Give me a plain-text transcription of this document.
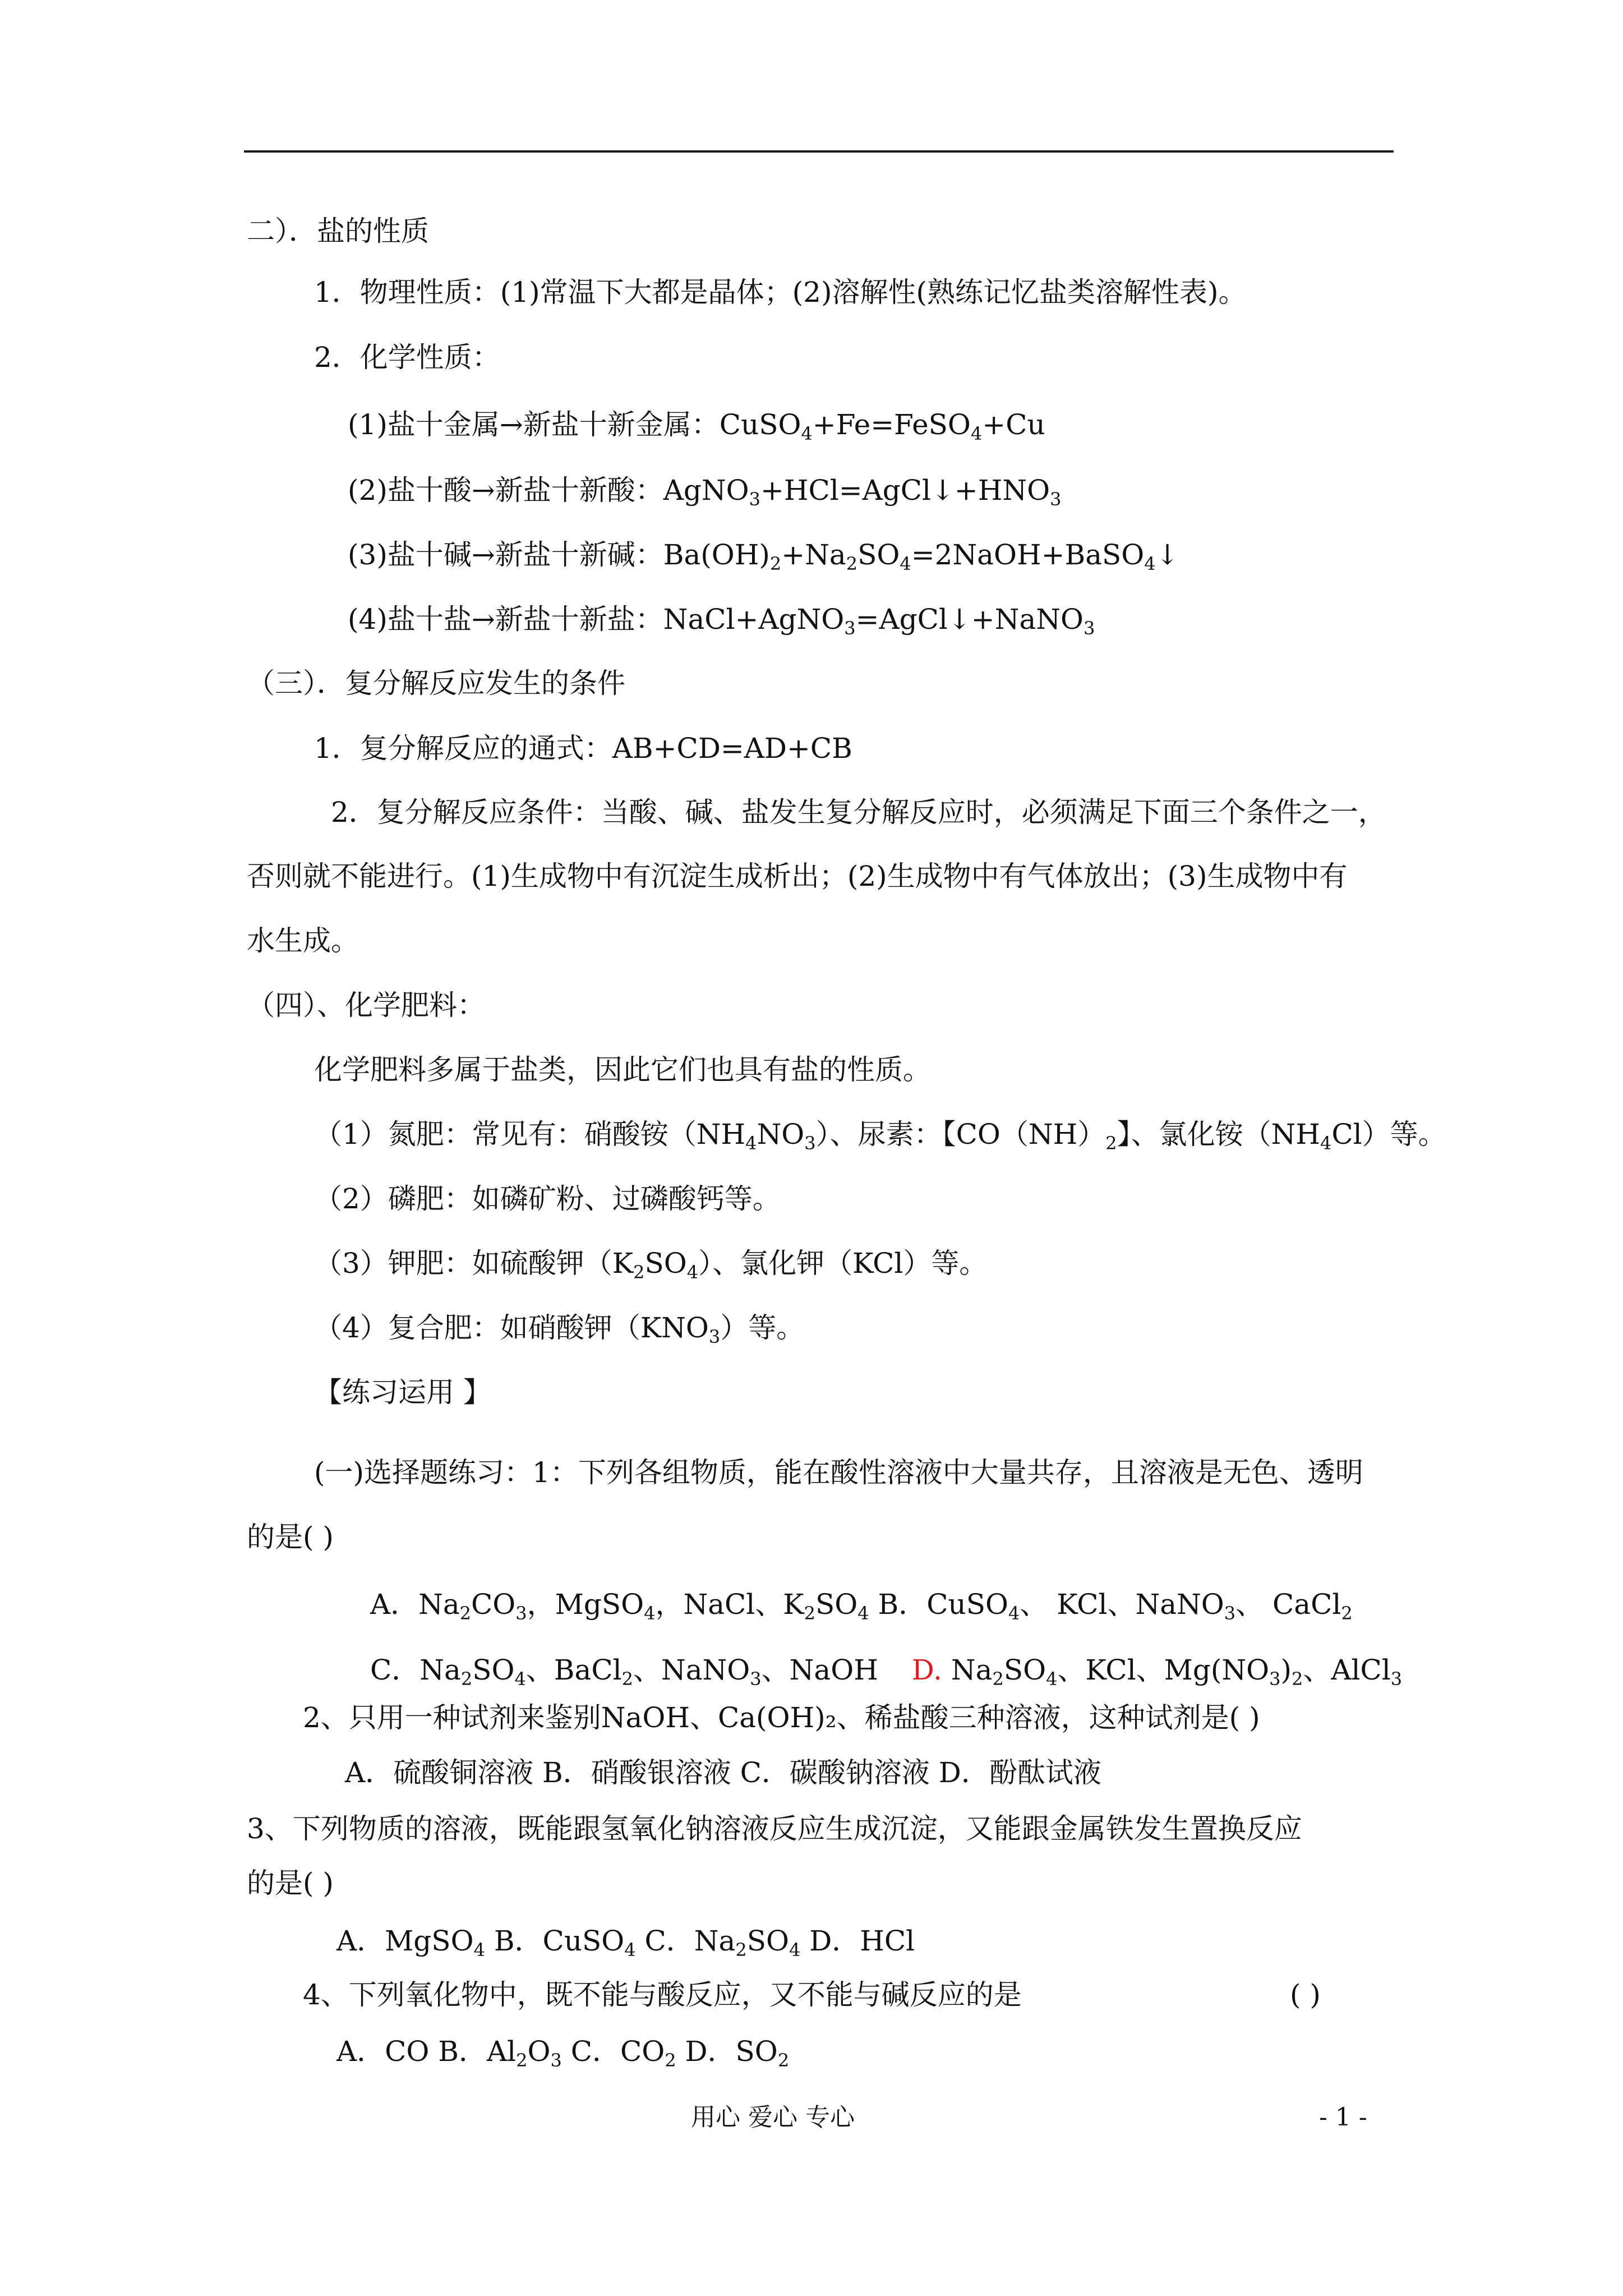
二）．盐的性质
1．物理性质：(1)常温下大都是晶体；(2)溶解性(熟练记忆盐类溶解性表)。
2．化学性质：
(1)盐十金属→新盐十新金属：CuSO$_4$+Fe=FeSO$_4$+Cu
(2)盐十酸→新盐十新酸：$AgNO_3+HCl=AgCl↓+HNO_3$
(3)盐十碱→新盐十新碱：$Ba(OH)_2+Na_2SO_4=2NaOH+BaSO_4↓$
(4)盐十盐→新盐十新盐：NaCl+AgNO$_3$=AgCl↓+NaNO$_3$
（三）．复分解反应发生的条件
1．复分解反应的通式：AB+CD=AD+CB
2．复分解反应条件：当酸、碱、盐发生复分解反应时，必须满足下面三个条件之一，
否则就不能进行。(1)生成物中有沉淀生成析出；(2)生成物中有气体放出；(3)生成物中有
水生成。
（四）、化学肥料：
化学肥料多属于盐类，因此它们也具有盐的性质。
（1）氮肥：常见有：硝酸铵$(NH_4NO_3)$、尿素：【$CO(NH)_2$】、氯化铵$(NH_4Cl)$等。
（2）磷肥：如磷矿粉、过磷酸钙等。
（3）钾肥：如硫酸钾$(K_2SO_4)$、氯化钾（KCl）等。
（4）复合肥：如硝酸钾$(KNO_3)$等。
【练习运用 】
(一)选择题练习：1：下列各组物质，能在酸性溶液中大量共存，且溶液是无色、透明
的是( )
A．$Na_2CO_3$，MgSO$_4$，NaCl、$K_2SO_4$ B．CuSO$_4$、 KCl、NaNO$_3$、 CaCl$_2$
C．$Na_2SO_4$、BaCl$_2$、NaNO$_3$、NaOH D. $Na_2SO_4$、KCl、$Mg(NO_3)_2$、AlCl$_3$
2、只用一种试剂来鉴别NaOH、Ca(OH)₂、稀盐酸三种溶液，这种试剂是( )
A．硫酸铜溶液 B．硝酸银溶液 C．碳酸钠溶液 D．酚酞试液
3、下列物质的溶液，既能跟氢氧化钠溶液反应生成沉淀，又能跟金属铁发生置换反应
的是( )
A．MgSO$_4$ B．CuSO$_4$ C．$Na_2SO_4$ D．HCl
4、下列氧化物中，既不能与酸反应，又不能与碱反应的是	( )
A．CO B．$Al_2O_3$ C．$CO_2$ D．$SO_2$
用心 爱心 专心	- 1 -
